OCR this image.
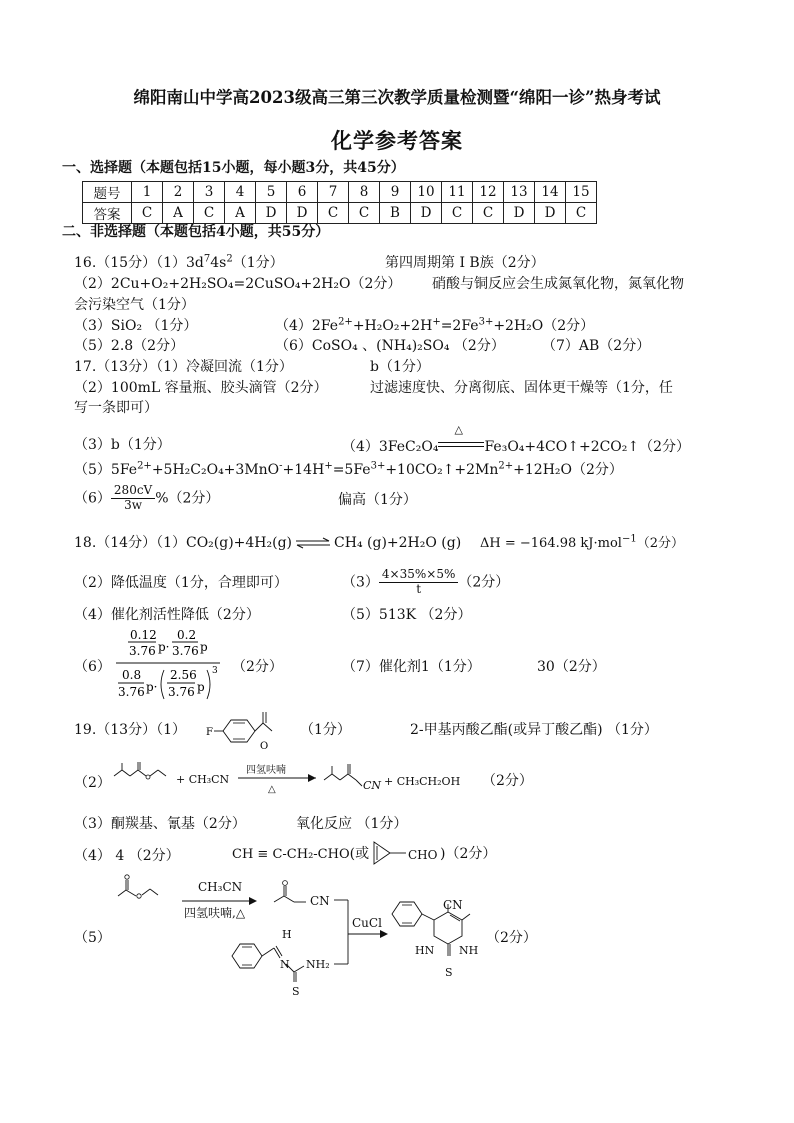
绵阳南山中学高2023级高三第三次教学质量检测暨“绵阳一诊”热身考试
化学参考答案
一、选择题（本题包括15小题，每小题3分，共45分）
题号	1	2	3	4	5	6	7	8	9	10	11	12	13	14	15
答案	C	A	C	A	D	D	C	C	B	D	C	C	D	D	C
二、非选择题（本题包括4小题，共55分）
16.（15分）$(1)3d^74s^2(1$分）	第四周期第 Ⅰ B族（2分）
（2）2Cu+O₂+2H₂SO₄=2CuSO₄+2H₂O（2分） 硝酸与铜反应会生成氮氧化物，氮氧化物
会污染空气（1分）
（3）SiO₂ （1分）	$(4)2Fe^{2+}+H_2O_2+2H^+=2Fe^{3+}+2H_2O(2$分）
（5）2.8（2分）	（6）CoSO₄ 、(NH₄)₂SO₄ （2分）	（7）AB（2分）
17.（13分）（1）冷凝回流（1分）	b（1分）
（2）100mL 容量瓶、胶头滴管（2分）	过滤速度快、分离彻底、固体更干燥等（1分，任
写一条即可）
（3）b（1分）	（4）3FeC₂O₄
△
Fe₃O₄+4CO↑+2CO₂↑（2分）
$(5)5Fe^{2+}+5H_2C_2O_4+3MnO^-+14H^+=5Fe^{3+}+10CO_2↑+2Mn^{2+}+12H_2O(2$分）
$(6) \frac{280cV}{3w} \%(2$分）	偏高（1分）
18.（14分）（1）CO₂(g)+4H₂(g) ⇌ CH₄ (g)+2H₂O (g) ΔH = −164.98 kJ·mol$^{-1}$（2分）
（2）降低温度（1分，合理即可）	$(3) \frac{4\times 35\%\times 5\%}{t} (2$分）
（4）催化剂活性降低（2分）	（5）513K （2分）
（6）
0.12
3.76 p·
0.2
3.76 p
0.8
3.76 p·
2.56
3.76 p
3 （2分）	（7）催化剂1（1分）	30（2分）
19.（13分）（1） F
O
（1分）	2-甲基丙酸乙酯(或异丁酸乙酯) （1分）
（2）	+ CH₃CN
四氢呋喃
△	CN + CH₃CH₂OH （2分）
（3）酮羰基、氰基（2分）	氧化反应 （1分）
（4） 4 （2分）	CH ≡ C-CH₂-CHO(或	CHO )（2分）
（5）
CH₃CN
四氢呋喃,△
CN
H
N NH₂
S
CuCl
CN
HN NH
S
（2分）
